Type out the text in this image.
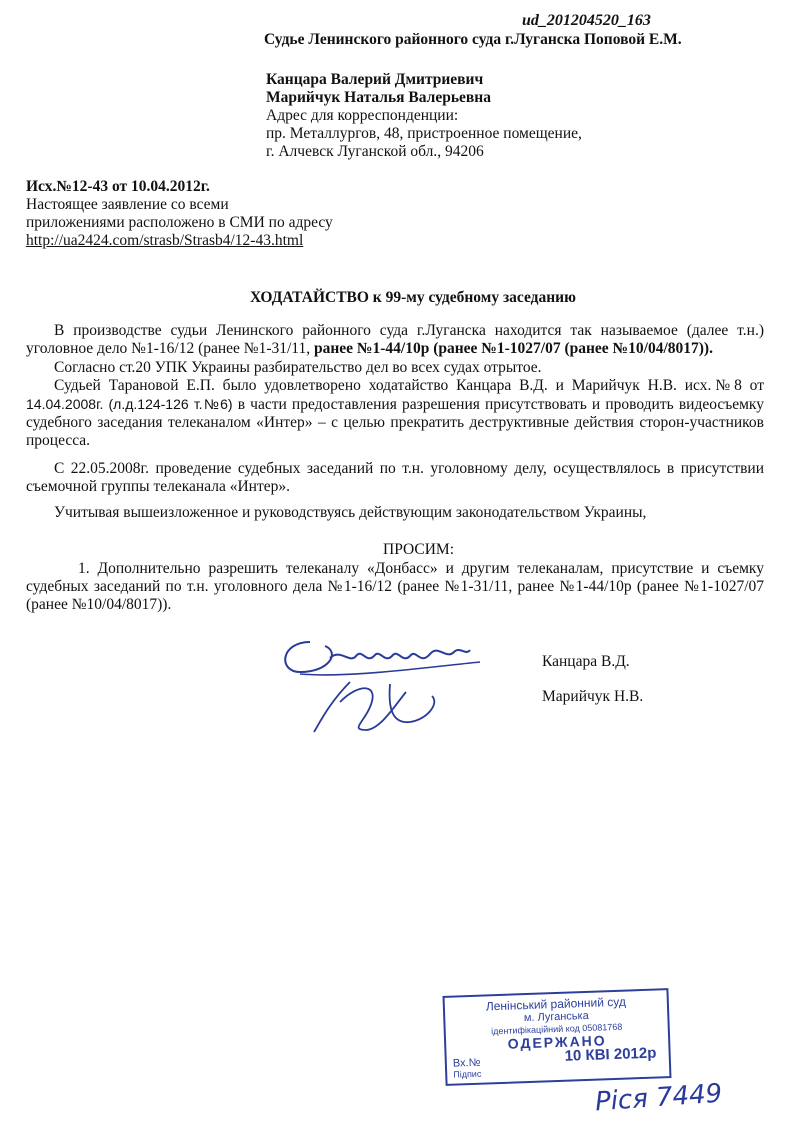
ud_201204520_163
Судье Ленинского районного суда г.Луганска Поповой Е.М.
Канцара Валерий Дмитриевич
Марийчук Наталья Валерьевна
Адрес для корреспонденции:
пр. Металлургов, 48, пристроенное помещение,
г. Алчевск Луганской обл., 94206
Исх.№12-43 от 10.04.2012г.
Настоящее заявление со всеми
приложениями расположено в СМИ по адресу
http://ua2424.com/strasb/Strasb4/12-43.html
ХОДАТАЙСТВО к 99-му судебному заседанию
В производстве судьи Ленинского районного суда г.Луганска находится так называемое (далее т.н.) уголовное дело №1-16/12 (ранее №1-31/11, ранее №1-44/10р (ранее №1-1027/07 (ранее №10/04/8017)).
Согласно ст.20 УПК Украины разбирательство дел во всех судах отрытое.
Судьей Тарановой Е.П. было удовлетворено ходатайство Канцара В.Д. и Марийчук Н.В. исх.№8 от 14.04.2008г. (л.д.124-126 т.№6) в части предоставления разрешения присутствовать и проводить видеосъемку судебного заседания телеканалом «Интер» – с целью прекратить деструктивные действия сторон-участников процесса.
С 22.05.2008г. проведение судебных заседаний по т.н. уголовному делу, осуществлялось в присутствии съемочной группы телеканала «Интер».
Учитывая вышеизложенное и руководствуясь действующим законодательством Украины,
ПРОСИМ:
1. Дополнительно разрешить телеканалу «Донбасс» и другим телеканалам, присутствие и съемку судебных заседаний по т.н. уголовного дела №1-16/12 (ранее №1-31/11, ранее №1-44/10р (ранее №1-1027/07 (ранее №10/04/8017)).
Канцара В.Д.
Марийчук Н.В.
Ленінський районний суд
м. Луганська
ідентифікаційний код 05081768
ОДЕРЖАНО
Вх.№	10 КВІ 2012р
Підпис
Ріся 7449
